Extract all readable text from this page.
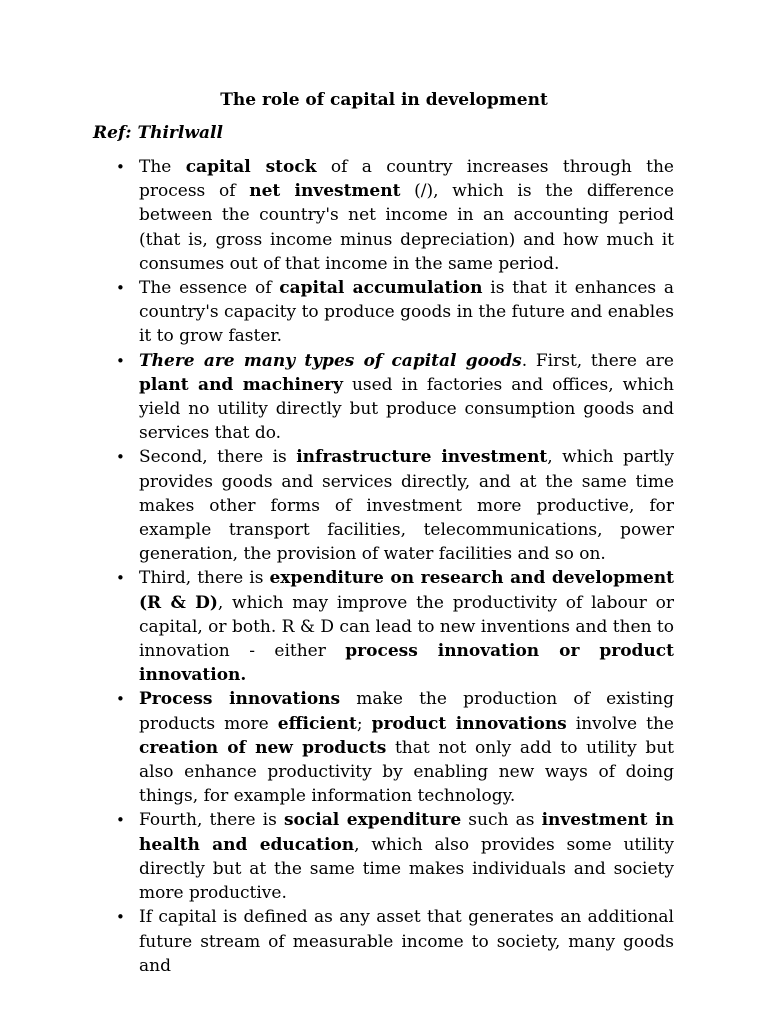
The role of capital in development

Ref: Thirlwall

• The capital stock of a country increases through the process of net investment (/), which is the difference between the country's net income in an accounting period (that is, gross income minus depreciation) and how much it consumes out of that income in the same period.
• The essence of capital accumulation is that it enhances a country's capacity to produce goods in the future and enables it to grow faster.
• There are many types of capital goods. First, there are plant and machinery used in factories and offices, which yield no utility directly but produce consumption goods and services that do.
• Second, there is infrastructure investment, which partly provides goods and services directly, and at the same time makes other forms of investment more productive, for example transport facilities, telecommunications, power generation, the provision of water facilities and so on.
• Third, there is expenditure on research and development (R & D), which may improve the productivity of labour or capital, or both. R & D can lead to new inventions and then to innovation - either process innovation or product innovation.
• Process innovations make the production of existing products more efficient; product innovations involve the creation of new products that not only add to utility but also enhance productivity by enabling new ways of doing things, for example information technology.
• Fourth, there is social expenditure such as investment in health and education, which also provides some utility directly but at the same time makes individuals and society more productive.
• If capital is defined as any asset that generates an additional future stream of measurable income to society, many goods and
